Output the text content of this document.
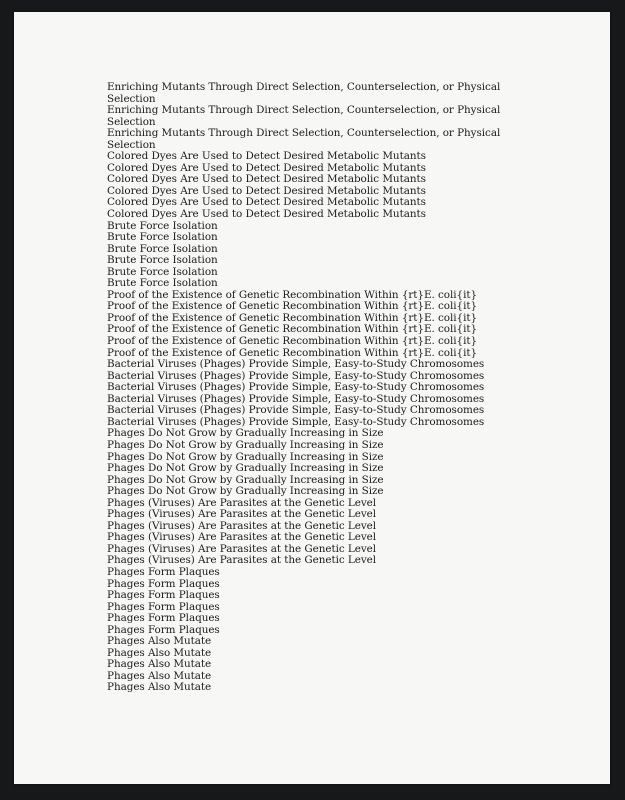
Enriching Mutants Through Direct Selection, Counterselection, or Physical Selection
Enriching Mutants Through Direct Selection, Counterselection, or Physical Selection
Enriching Mutants Through Direct Selection, Counterselection, or Physical Selection
Colored Dyes Are Used to Detect Desired Metabolic Mutants
Colored Dyes Are Used to Detect Desired Metabolic Mutants
Colored Dyes Are Used to Detect Desired Metabolic Mutants
Colored Dyes Are Used to Detect Desired Metabolic Mutants
Colored Dyes Are Used to Detect Desired Metabolic Mutants
Colored Dyes Are Used to Detect Desired Metabolic Mutants
Brute Force Isolation
Brute Force Isolation
Brute Force Isolation
Brute Force Isolation
Brute Force Isolation
Brute Force Isolation
Proof of the Existence of Genetic Recombination Within {rt}E. coli{it}
Proof of the Existence of Genetic Recombination Within {rt}E. coli{it}
Proof of the Existence of Genetic Recombination Within {rt}E. coli{it}
Proof of the Existence of Genetic Recombination Within {rt}E. coli{it}
Proof of the Existence of Genetic Recombination Within {rt}E. coli{it}
Proof of the Existence of Genetic Recombination Within {rt}E. coli{it}
Bacterial Viruses (Phages) Provide Simple, Easy-to-Study Chromosomes
Bacterial Viruses (Phages) Provide Simple, Easy-to-Study Chromosomes
Bacterial Viruses (Phages) Provide Simple, Easy-to-Study Chromosomes
Bacterial Viruses (Phages) Provide Simple, Easy-to-Study Chromosomes
Bacterial Viruses (Phages) Provide Simple, Easy-to-Study Chromosomes
Bacterial Viruses (Phages) Provide Simple, Easy-to-Study Chromosomes
Phages Do Not Grow by Gradually Increasing in Size
Phages Do Not Grow by Gradually Increasing in Size
Phages Do Not Grow by Gradually Increasing in Size
Phages Do Not Grow by Gradually Increasing in Size
Phages Do Not Grow by Gradually Increasing in Size
Phages Do Not Grow by Gradually Increasing in Size
Phages (Viruses) Are Parasites at the Genetic Level
Phages (Viruses) Are Parasites at the Genetic Level
Phages (Viruses) Are Parasites at the Genetic Level
Phages (Viruses) Are Parasites at the Genetic Level
Phages (Viruses) Are Parasites at the Genetic Level
Phages (Viruses) Are Parasites at the Genetic Level
Phages Form Plaques
Phages Form Plaques
Phages Form Plaques
Phages Form Plaques
Phages Form Plaques
Phages Form Plaques
Phages Also Mutate
Phages Also Mutate
Phages Also Mutate
Phages Also Mutate
Phages Also Mutate
